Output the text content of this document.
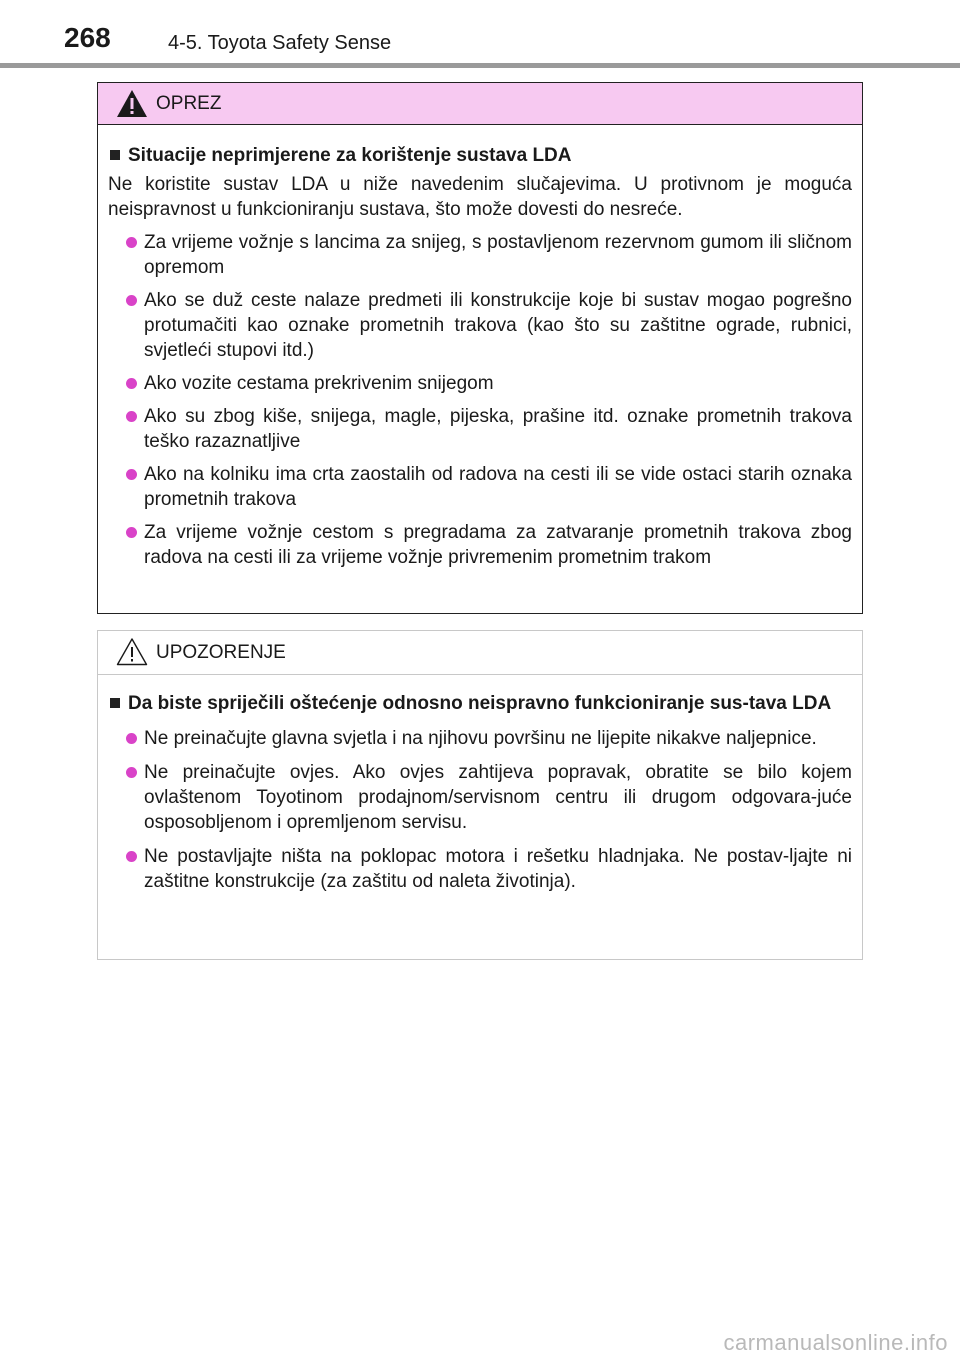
268	4-5. Toyota Safety Sense
OPREZ
Situacije neprimjerene za korištenje sustava LDA
Ne koristite sustav LDA u niže navedenim slučajevima. U protivnom je moguća neispravnost u funkcioniranju sustava, što može dovesti do nesreće.
Za vrijeme vožnje s lancima za snijeg, s postavljenom rezervnom gumom ili sličnom opremom
Ako se duž ceste nalaze predmeti ili konstrukcije koje bi sustav mogao pogrešno protumačiti kao oznake prometnih trakova (kao što su zaštitne ograde, rubnici, svjetleći stupovi itd.)
Ako vozite cestama prekrivenim snijegom
Ako su zbog kiše, snijega, magle, pijeska, prašine itd. oznake prometnih trakova teško razaznatljive
Ako na kolniku ima crta zaostalih od radova na cesti ili se vide ostaci starih oznaka prometnih trakova
Za vrijeme vožnje cestom s pregradama za zatvaranje prometnih trakova zbog radova na cesti ili za vrijeme vožnje privremenim prometnim trakom
UPOZORENJE
Da biste spriječili oštećenje odnosno neispravno funkcioniranje sus-tava LDA
Ne preinačujte glavna svjetla i na njihovu površinu ne lijepite nikakve naljepnice.
Ne preinačujte ovjes. Ako ovjes zahtijeva popravak, obratite se bilo kojem ovlaštenom Toyotinom prodajnom/servisnom centru ili drugom odgovara-juće osposobljenom i opremljenom servisu.
Ne postavljajte ništa na poklopac motora i rešetku hladnjaka. Ne postav-ljajte ni zaštitne konstrukcije (za zaštitu od naleta životinja).
carmanualsonline.info
